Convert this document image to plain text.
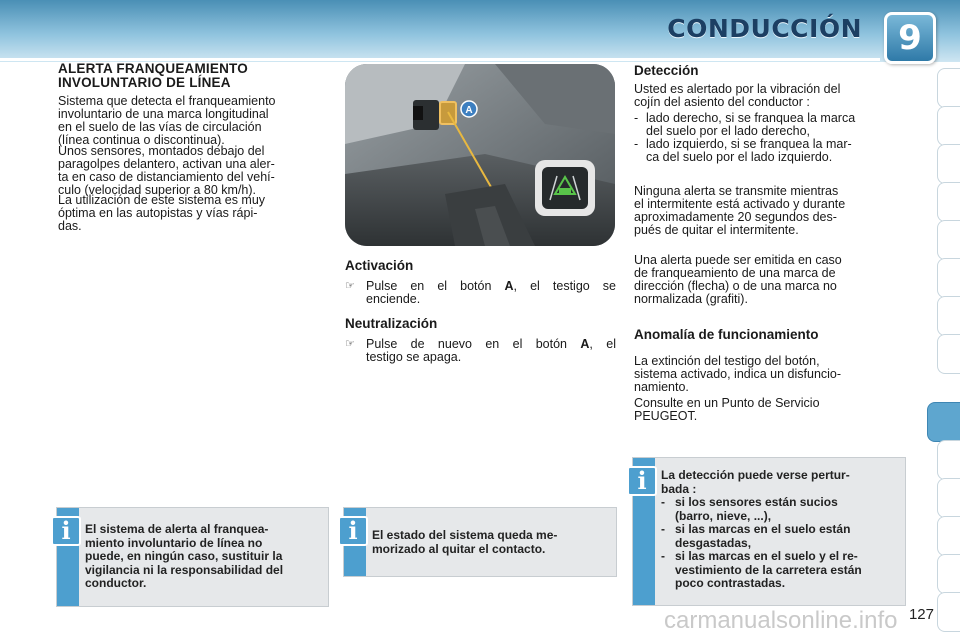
CONDUCCIÓN	9
ALERTA FRANQUEAMIENTO
INVOLUNTARIO DE LÍNEA
Sistema que detecta el franqueamiento
involuntario de una marca longitudinal
en el suelo de las vías de circulación
(línea continua o discontinua).
Unos sensores, montados debajo del
paragolpes delantero, activan una aler-
ta en caso de distanciamiento del vehí-
culo (velocidad superior a 80 km/h).
La utilización de este sistema es muy
óptima en las autopistas y vías rápi-
das.
i	El sistema de alerta al franquea-
miento involuntario de línea no
puede, en ningún caso, sustituir la
vigilancia ni la responsabilidad del
conductor.
A
Activación
☞ Pulse en el botón A, el testigo se
enciende.
Neutralización
☞ Pulse de nuevo en el botón A, el
testigo se apaga.
i	El estado del sistema queda me-
morizado al quitar el contacto.
Detección
Usted es alertado por la vibración del
cojín del asiento del conductor :
- lado derecho, si se franquea la marca
del suelo por el lado derecho,
- lado izquierdo, si se franquea la mar-
ca del suelo por el lado izquierdo.
Ninguna alerta se transmite mientras
el intermitente está activado y durante
aproximadamente 20 segundos des-
pués de quitar el intermitente.
Una alerta puede ser emitida en caso
de franqueamiento de una marca de
dirección (flecha) o de una marca no
normalizada (grafiti).
Anomalía de funcionamiento
La extinción del testigo del botón,
sistema activado, indica un disfuncio-
namiento.
Consulte en un Punto de Servicio
PEUGEOT.
i	La detección puede verse pertur-
bada :
- si los sensores están sucios
(barro, nieve, ...),
- si las marcas en el suelo están
desgastadas,
- si las marcas en el suelo y el re-
vestimiento de la carretera están
poco contrastadas.
127
carmanualsonline.info
